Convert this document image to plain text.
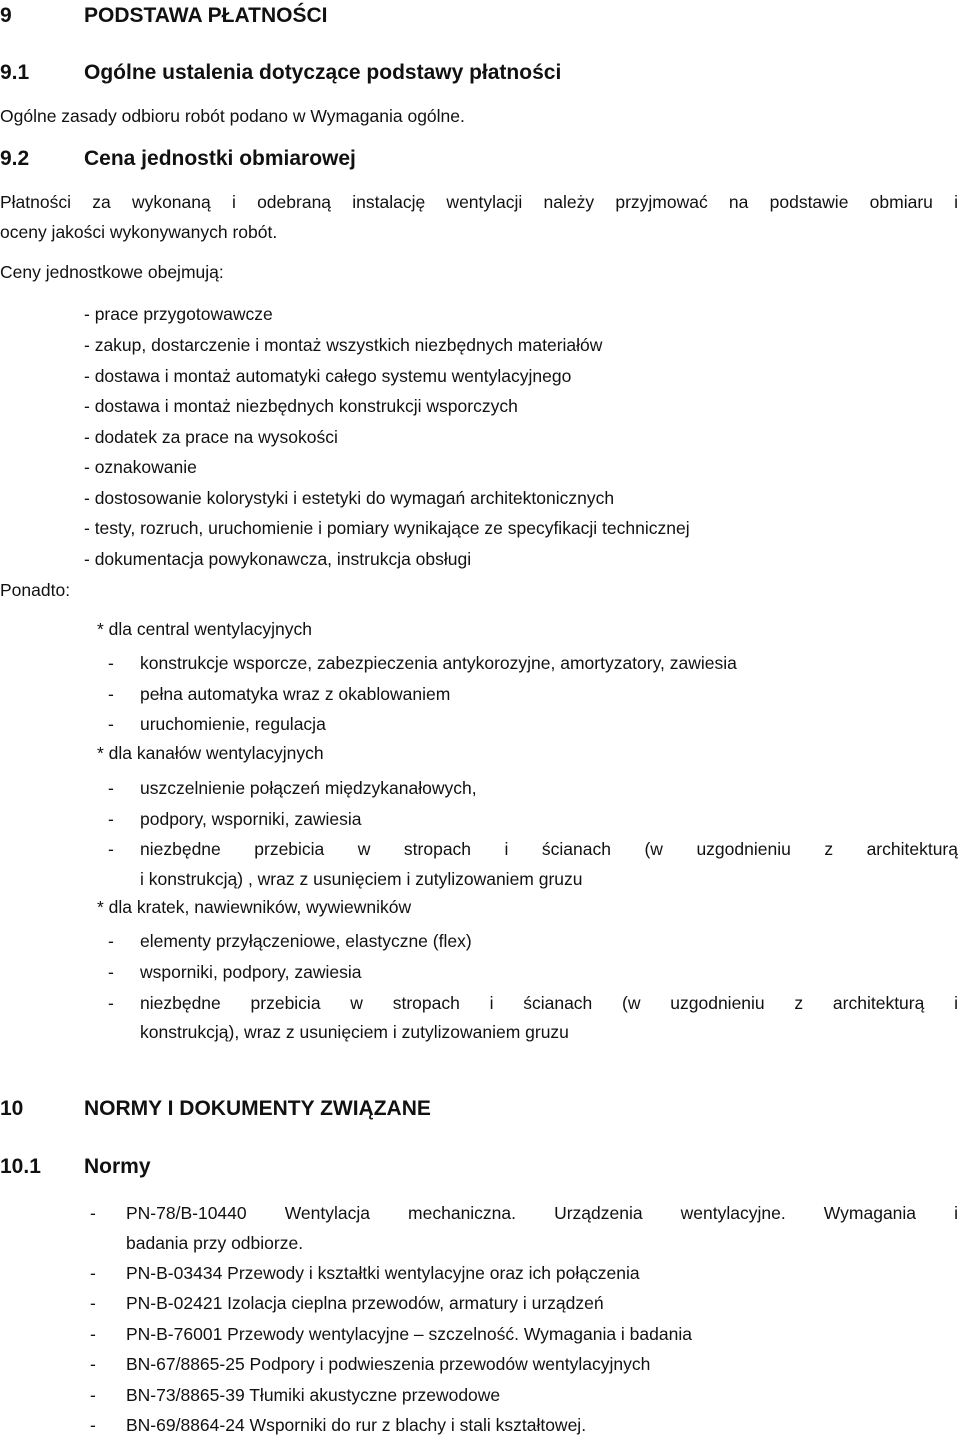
9	PODSTAWA PŁATNOŚCI
9.1	Ogólne ustalenia dotyczące podstawy płatności
Ogólne zasady odbioru robót podano w Wymagania ogólne.
9.2	Cena jednostki obmiarowej
Płatności za wykonaną i odebraną instalację wentylacji należy przyjmować na podstawie obmiaru i
oceny jakości wykonywanych robót.
Ceny jednostkowe obejmują:
- prace przygotowawcze
- zakup, dostarczenie i montaż wszystkich niezbędnych materiałów
- dostawa i montaż automatyki całego systemu wentylacyjnego
- dostawa i montaż niezbędnych konstrukcji wsporczych
- dodatek za prace na wysokości
- oznakowanie
- dostosowanie kolorystyki i estetyki do wymagań architektonicznych
- testy, rozruch, uruchomienie i pomiary wynikające ze specyfikacji technicznej
- dokumentacja powykonawcza, instrukcja obsługi
Ponadto:
* dla central wentylacyjnych
- konstrukcje wsporcze, zabezpieczenia antykorozyjne, amortyzatory, zawiesia
- pełna automatyka wraz z okablowaniem
- uruchomienie, regulacja
* dla kanałów wentylacyjnych
- uszczelnienie połączeń międzykanałowych,
- podpory, wsporniki, zawiesia
- niezbędne przebicia w stropach i ścianach (w uzgodnieniu z architekturą
i konstrukcją) , wraz z usunięciem i zutylizowaniem gruzu
* dla kratek, nawiewników, wywiewników
- elementy przyłączeniowe, elastyczne (flex)
- wsporniki, podpory, zawiesia
- niezbędne przebicia w stropach i ścianach (w uzgodnieniu z architekturą i
konstrukcją), wraz z usunięciem i zutylizowaniem gruzu
10	NORMY I DOKUMENTY ZWIĄZANE
10.1 Normy
- PN-78/B-10440 Wentylacja mechaniczna. Urządzenia wentylacyjne. Wymagania i
badania przy odbiorze.
- PN-B-03434 Przewody i kształtki wentylacyjne oraz ich połączenia
- PN-B-02421 Izolacja cieplna przewodów, armatury i urządzeń
- PN-B-76001 Przewody wentylacyjne – szczelność. Wymagania i badania
- BN-67/8865-25 Podpory i podwieszenia przewodów wentylacyjnych
- BN-73/8865-39 Tłumiki akustyczne przewodowe
- BN-69/8864-24 Wsporniki do rur z blachy i stali kształtowej.
